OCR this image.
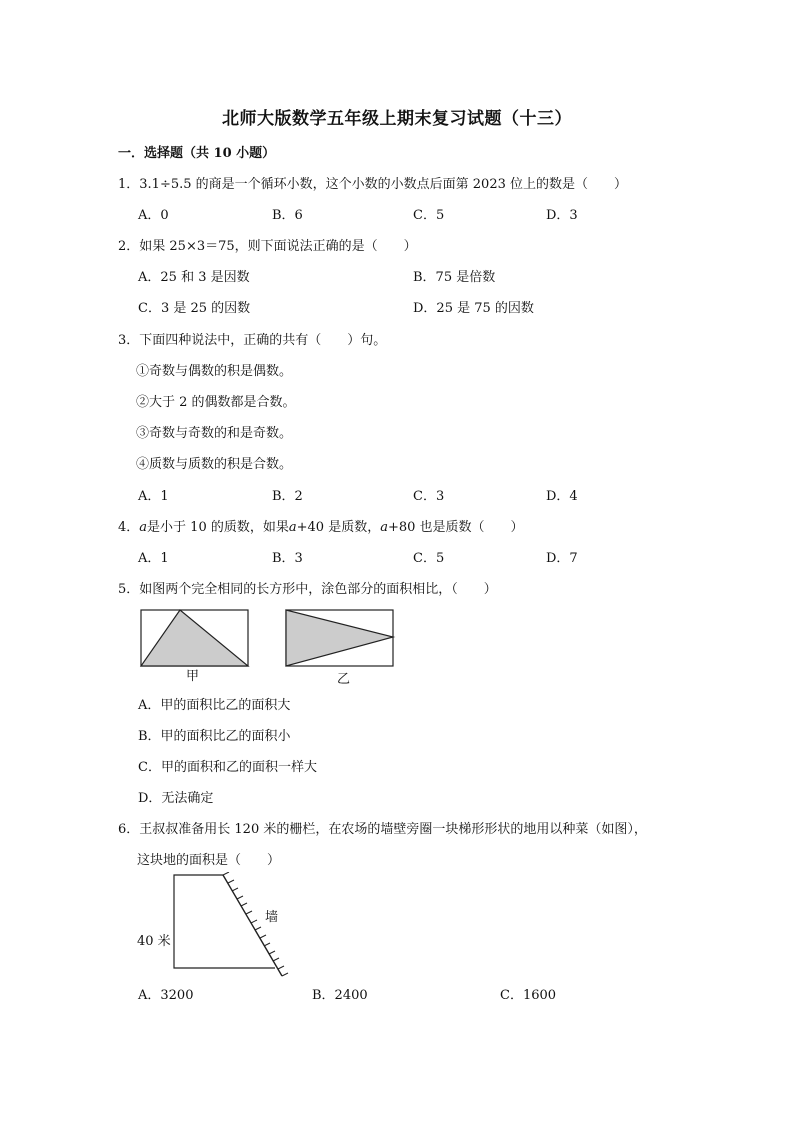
北师大版数学五年级上期末复习试题（十三）
一．选择题（共 10 小题）
1．3.1÷5.5 的商是一个循环小数，这个小数的小数点后面第 2023 位上的数是（　　）
A．0	B．6	C．5	D．3
2．如果 25×3＝75，则下面说法正确的是（　　）
A．25 和 3 是因数	B．75 是倍数
C．3 是 25 的因数	D．25 是 75 的因数
3．下面四种说法中，正确的共有（　　）句。
①奇数与偶数的积是偶数。
②大于 2 的偶数都是合数。
③奇数与奇数的和是奇数。
④质数与质数的积是合数。
A．1	B．2	C．3	D．4
4．a是小于 10 的质数，如果a+40 是质数，a+80 也是质数（　　）
A．1	B．3	C．5	D．7
5．如图两个完全相同的长方形中，涂色部分的面积相比，（　　）
甲	乙
A．甲的面积比乙的面积大
B．甲的面积比乙的面积小
C．甲的面积和乙的面积一样大
D．无法确定
6．王叔叔准备用长 120 米的栅栏，在农场的墙壁旁圈一块梯形形状的地用以种菜（如图），
这块地的面积是（　　）
墙
40 米
A．3200	B．2400	C．1600
